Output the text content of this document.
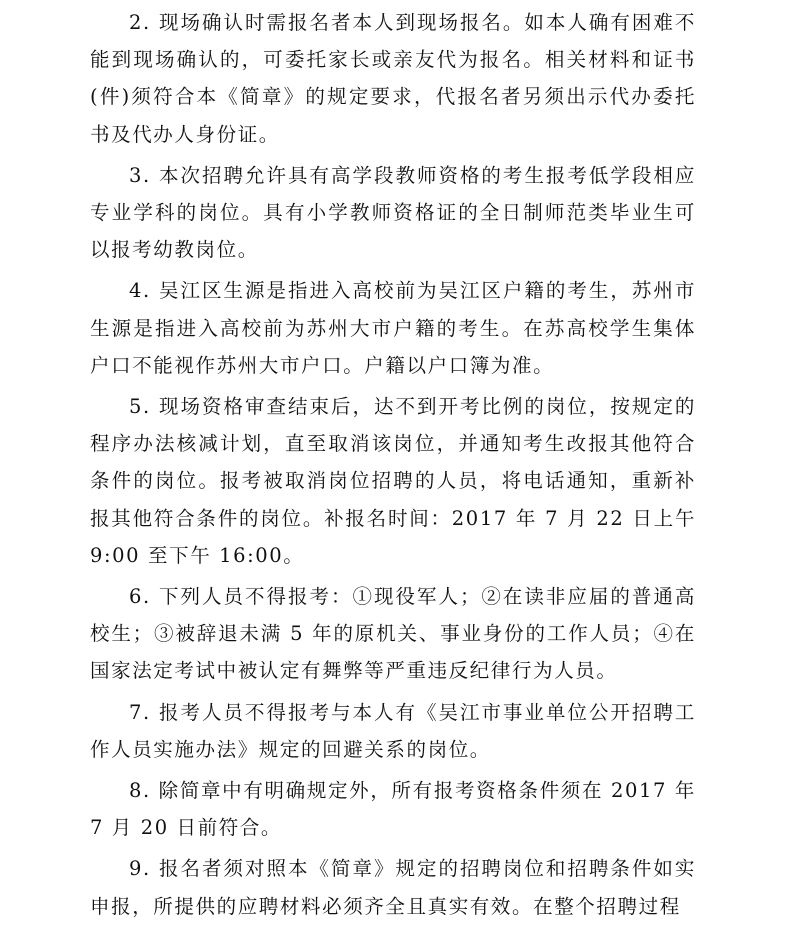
2. 现场确认时需报名者本人到现场报名。如本人确有困难不能到现场确认的，可委托家长或亲友代为报名。相关材料和证书(件)须符合本《简章》的规定要求，代报名者另须出示代办委托书及代办人身份证。

3. 本次招聘允许具有高学段教师资格的考生报考低学段相应专业学科的岗位。具有小学教师资格证的全日制师范类毕业生可以报考幼教岗位。

4. 吴江区生源是指进入高校前为吴江区户籍的考生，苏州市生源是指进入高校前为苏州大市户籍的考生。在苏高校学生集体户口不能视作苏州大市户口。户籍以户口簿为准。

5. 现场资格审查结束后，达不到开考比例的岗位，按规定的程序办法核减计划，直至取消该岗位，并通知考生改报其他符合条件的岗位。报考被取消岗位招聘的人员，将电话通知，重新补报其他符合条件的岗位。补报名时间：2017 年 7 月 22 日上午 9:00 至下午 16:00。

6. 下列人员不得报考：①现役军人；②在读非应届的普通高校生；③被辞退未满 5 年的原机关、事业身份的工作人员；④在国家法定考试中被认定有舞弊等严重违反纪律行为人员。

7. 报考人员不得报考与本人有《吴江市事业单位公开招聘工作人员实施办法》规定的回避关系的岗位。

8. 除简章中有明确规定外，所有报考资格条件须在 2017 年 7 月 20 日前符合。

9. 报名者须对照本《简章》规定的招聘岗位和招聘条件如实申报，所提供的应聘材料必须齐全且真实有效。在整个招聘过程
